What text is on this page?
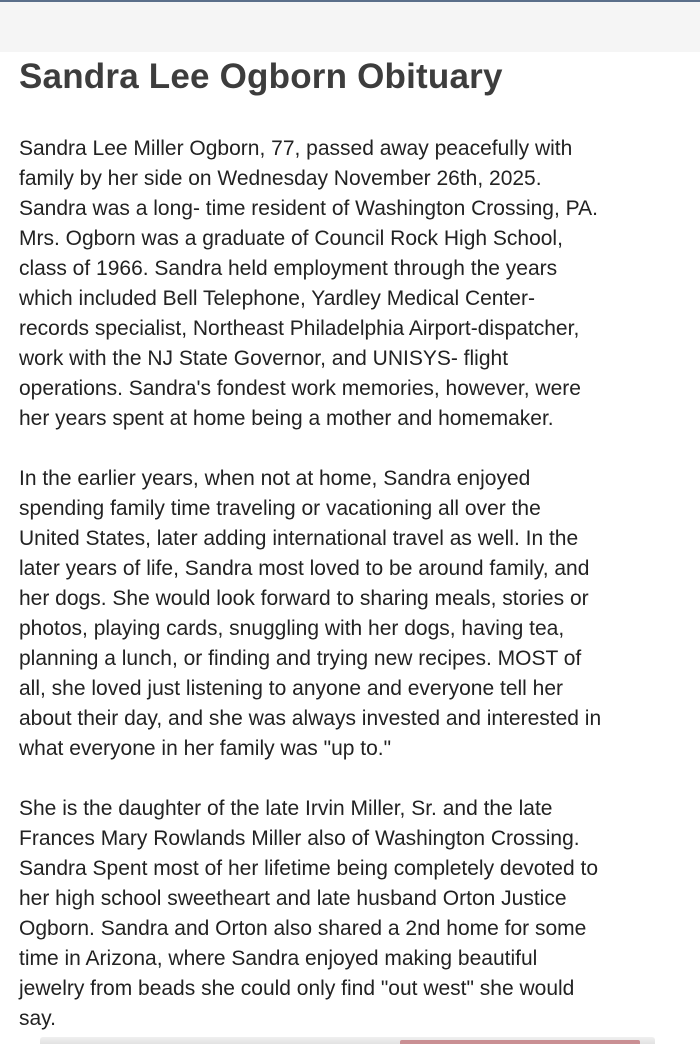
Sandra Lee Ogborn Obituary

Sandra Lee Miller Ogborn, 77, passed away peacefully with
family by her side on Wednesday November 26th, 2025.
Sandra was a long- time resident of Washington Crossing, PA.
Mrs. Ogborn was a graduate of Council Rock High School,
class of 1966. Sandra held employment through the years
which included Bell Telephone, Yardley Medical Center-
records specialist, Northeast Philadelphia Airport-dispatcher,
work with the NJ State Governor, and UNISYS- flight
operations. Sandra's fondest work memories, however, were
her years spent at home being a mother and homemaker.

In the earlier years, when not at home, Sandra enjoyed
spending family time traveling or vacationing all over the
United States, later adding international travel as well. In the
later years of life, Sandra most loved to be around family, and
her dogs. She would look forward to sharing meals, stories or
photos, playing cards, snuggling with her dogs, having tea,
planning a lunch, or finding and trying new recipes. MOST of
all, she loved just listening to anyone and everyone tell her
about their day, and she was always invested and interested in
what everyone in her family was "up to."

She is the daughter of the late Irvin Miller, Sr. and the late
Frances Mary Rowlands Miller also of Washington Crossing.
Sandra Spent most of her lifetime being completely devoted to
her high school sweetheart and late husband Orton Justice
Ogborn. Sandra and Orton also shared a 2nd home for some
time in Arizona, where Sandra enjoyed making beautiful
jewelry from beads she could only find "out west" she would
say.
